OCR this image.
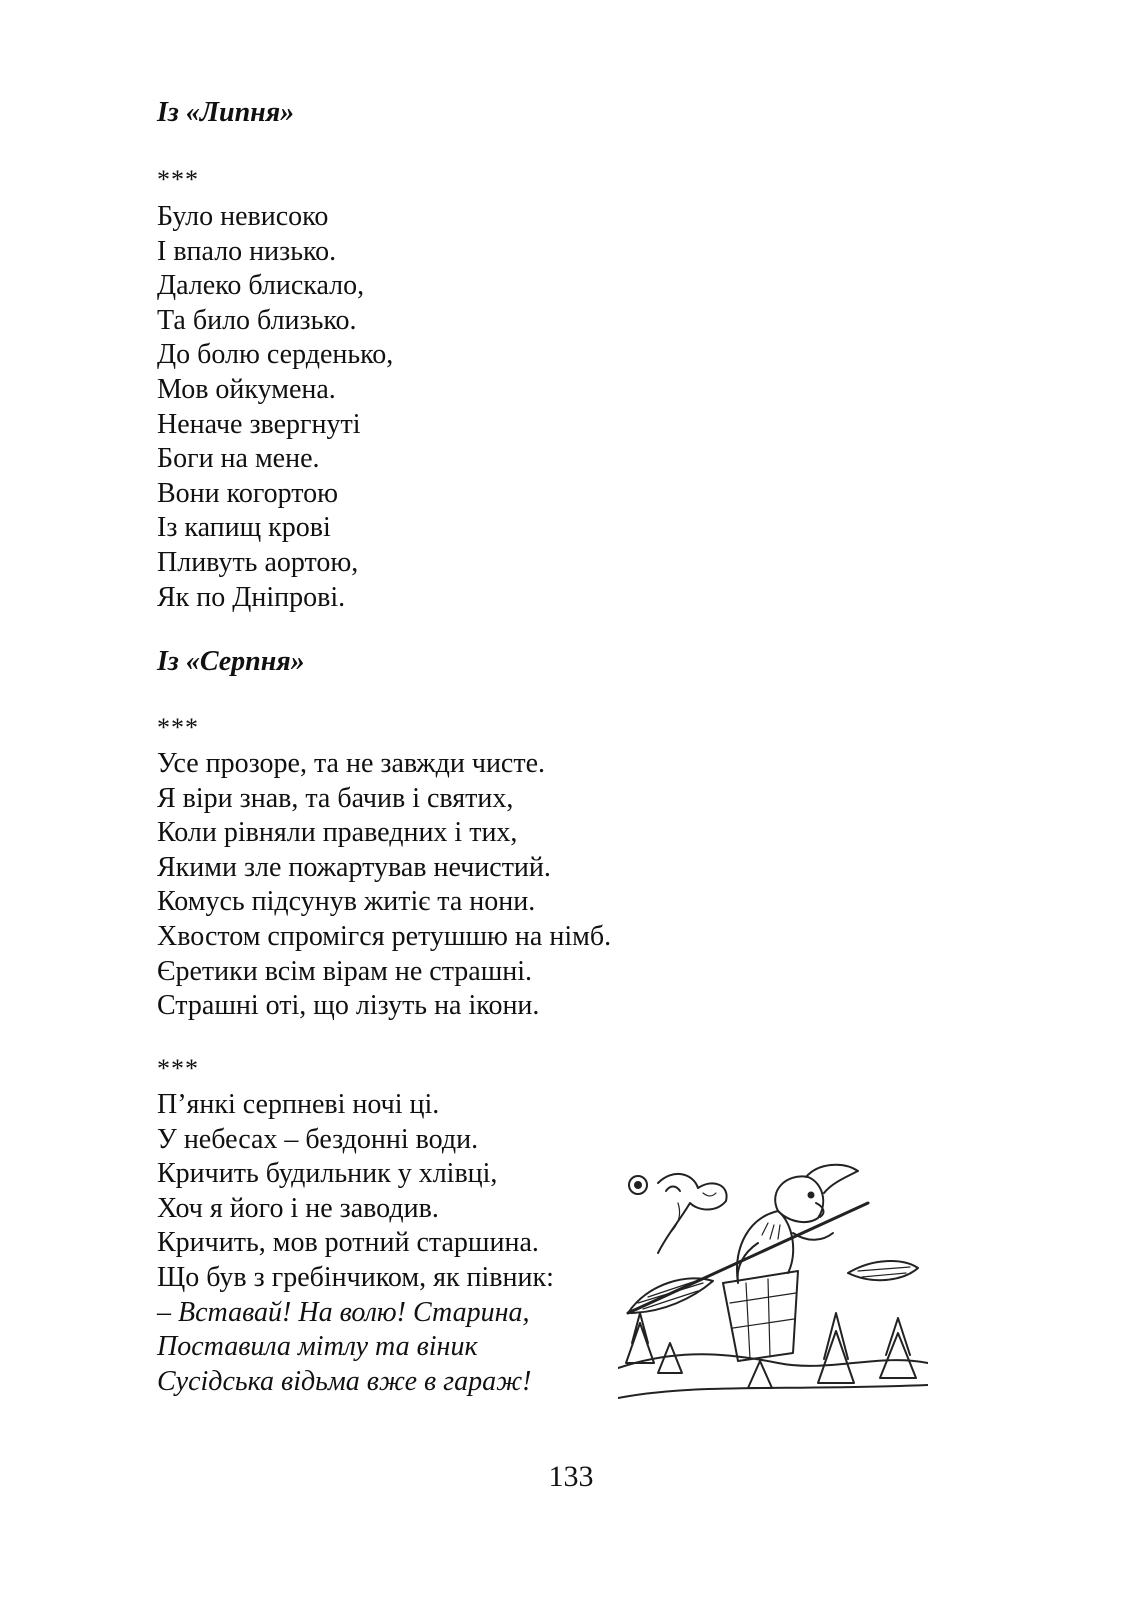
Із «Липня»
***
Було невисоко
І впало низько.
Далеко блискало,
Та било близько.
До болю серденько,
Мов ойкумена.
Неначе звергнуті
Боги на мене.
Вони когортою
Із капищ крові
Пливуть аортою,
Як по Дніпрові.
Із «Серпня»
***
Усе прозоре, та не завжди чисте.
Я віри знав, та бачив і святих,
Коли рівняли праведних і тих,
Якими зле пожартував нечистий.
Комусь підсунув житіє та нони.
Хвостом спромігся ретушшю на німб.
Єретики всім вірам не страшні.
Страшні оті, що лізуть на ікони.
***
П’янкі серпневі ночі ці.
У небесах – бездонні води.
Кричить будильник у хлівці,
Хоч я його і не заводив.
Кричить, мов ротний старшина.
Що був з гребінчиком, як півник:
– Вставай! На волю! Старина,
Поставила мітлу та віник
Сусідська відьма вже в гараж!
133
